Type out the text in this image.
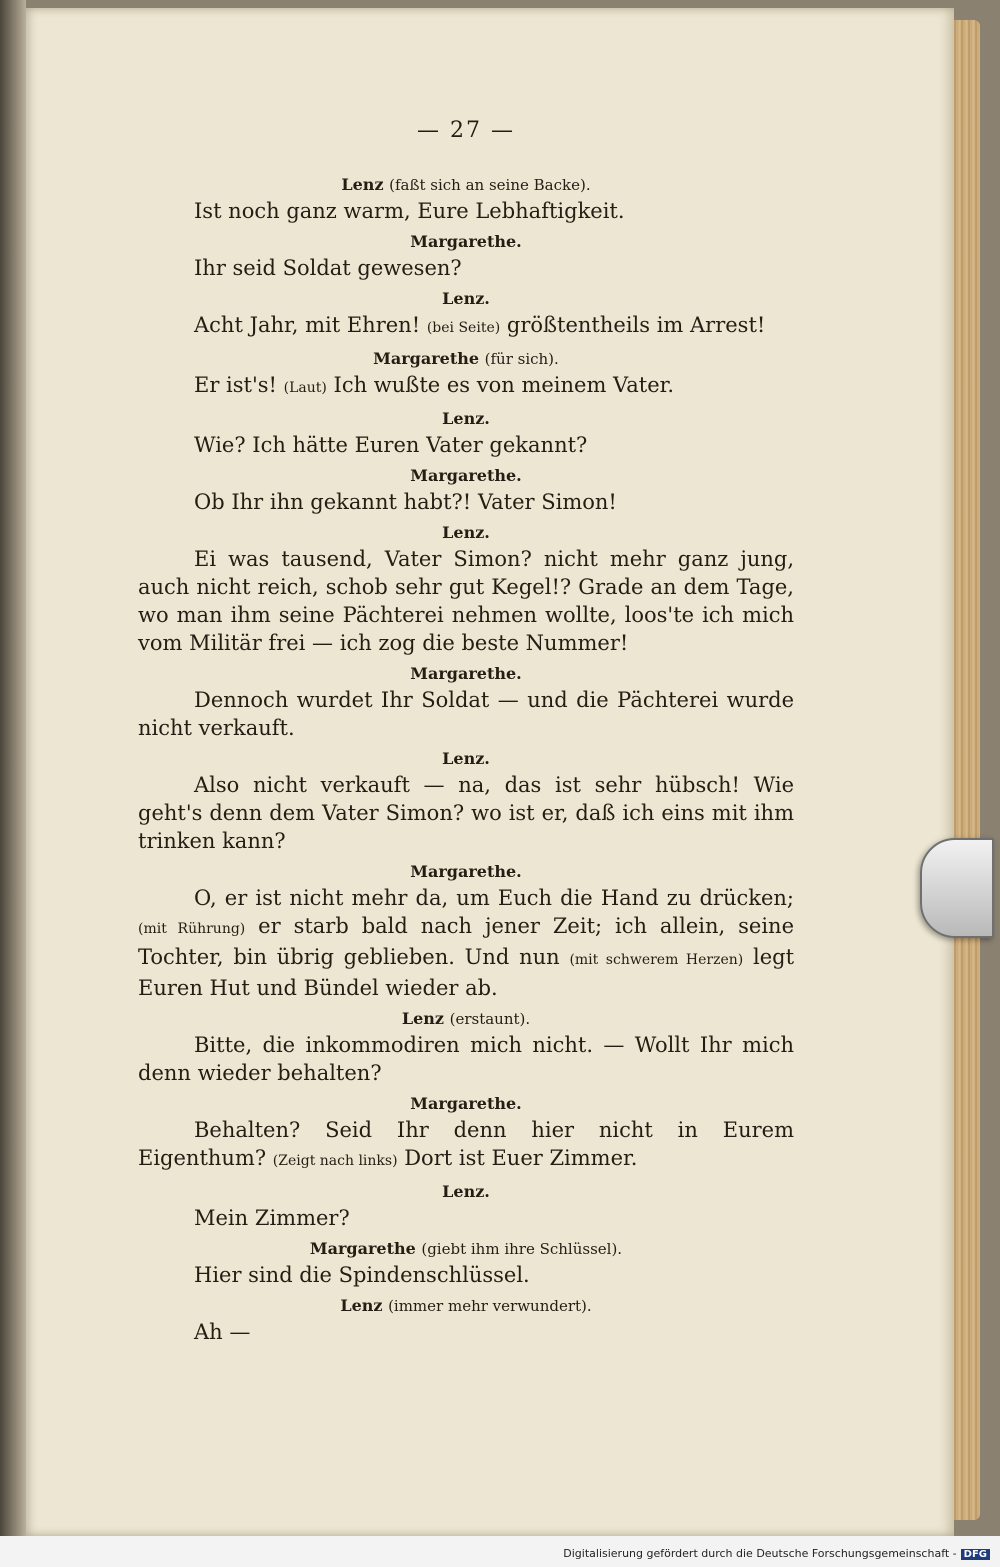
— 27 —

Lenz (faßt sich an seine Backe).

Ist noch ganz warm, Eure Lebhaftigkeit.

Margarethe.

Ihr seid Soldat gewesen?

Lenz.

Acht Jahr, mit Ehren! (bei Seite) größtentheils im Arrest!

Margarethe (für sich).

Er ist's! (Laut) Ich wußte es von meinem Vater.

Lenz.

Wie? Ich hätte Euren Vater gekannt?

Margarethe.

Ob Ihr ihn gekannt habt?! Vater Simon!

Lenz.

Ei was tausend, Vater Simon? nicht mehr ganz jung, auch nicht reich, schob sehr gut Kegel!? Grade an dem Tage, wo man ihm seine Pächterei nehmen wollte, loos'te ich mich vom Militär frei — ich zog die beste Nummer!

Margarethe.

Dennoch wurdet Ihr Soldat — und die Pächterei wurde nicht verkauft.

Lenz.

Also nicht verkauft — na, das ist sehr hübsch! Wie geht's denn dem Vater Simon? wo ist er, daß ich eins mit ihm trinken kann?

Margarethe.

O, er ist nicht mehr da, um Euch die Hand zu drücken; (mit Rührung) er starb bald nach jener Zeit; ich allein, seine Tochter, bin übrig geblieben. Und nun (mit schwerem Herzen) legt Euren Hut und Bündel wieder ab.

Lenz (erstaunt).

Bitte, die inkommodiren mich nicht. — Wollt Ihr mich denn wieder behalten?

Margarethe.

Behalten? Seid Ihr denn hier nicht in Eurem Eigenthum? (Zeigt nach links) Dort ist Euer Zimmer.

Lenz.

Mein Zimmer?

Margarethe (giebt ihm ihre Schlüssel).

Hier sind die Spindenschlüssel.

Lenz (immer mehr verwundert).

Ah —

Digitalisierung gefördert durch die Deutsche Forschungsgemeinschaft - DFG
